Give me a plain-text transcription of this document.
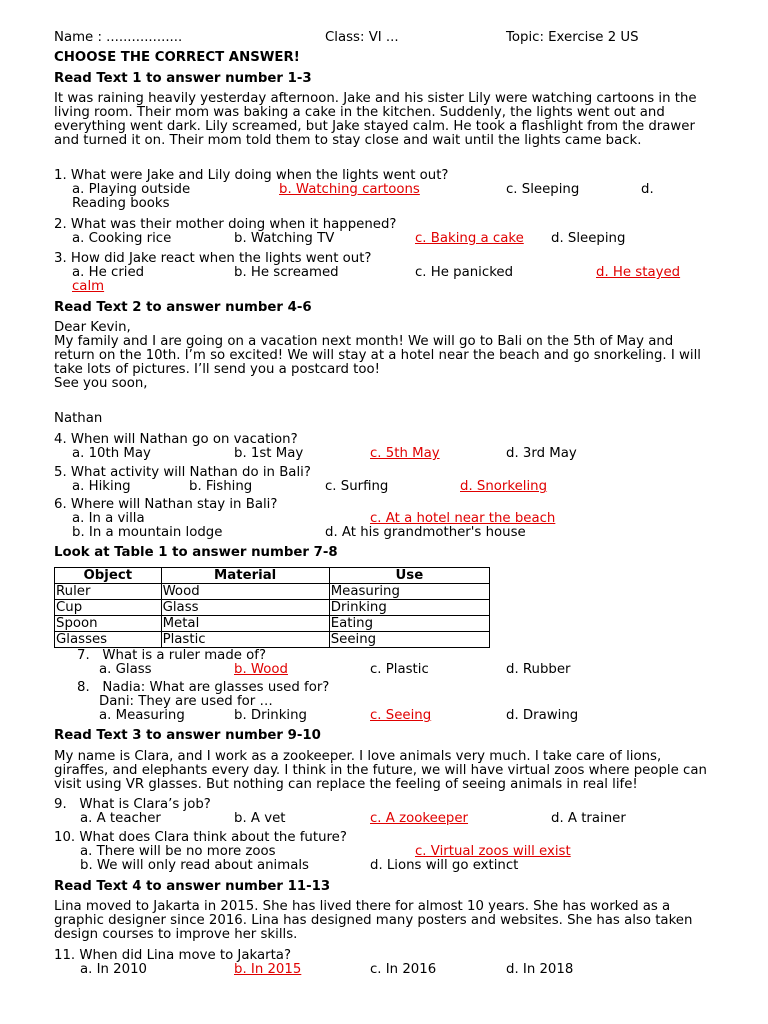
Name : ..................	Class: VI ...	Topic: Exercise 2 US
CHOOSE THE CORRECT ANSWER!
Read Text 1 to answer number 1-3
It was raining heavily yesterday afternoon. Jake and his sister Lily were watching cartoons in the living room. Their mom was baking a cake in the kitchen. Suddenly, the lights went out and everything went dark. Lily screamed, but Jake stayed calm. He took a flashlight from the drawer and turned it on. Their mom told them to stay close and wait until the lights came back.
1. What were Jake and Lily doing when the lights went out?
a. Playing outside	b. Watching cartoons	c. Sleeping	d.
Reading books
2. What was their mother doing when it happened?
a. Cooking rice	b. Watching TV	c. Baking a cake d. Sleeping
3. How did Jake react when the lights went out?
a. He cried	b. He screamed	c. He panicked	d. He stayed
calm
Read Text 2 to answer number 4-6
Dear Kevin,
My family and I are going on a vacation next month! We will go to Bali on the 5th of May and return on the 10th. I’m so excited! We will stay at a hotel near the beach and go snorkeling. I will take lots of pictures. I’ll send you a postcard too!
See you soon,
Nathan
4. When will Nathan go on vacation?
a. 10th May	b. 1st May	c. 5th May	d. 3rd May
5. What activity will Nathan do in Bali?
a. Hiking	b. Fishing	c. Surfing	d. Snorkeling
6. Where will Nathan stay in Bali?
a. In a villa	c. At a hotel near the beach
b. In a mountain lodge	d. At his grandmother's house
Look at Table 1 to answer number 7-8
Object	Material	Use
Ruler	Wood	Measuring
Cup	Glass	Drinking
Spoon	Metal	Eating
Glasses	Plastic	Seeing
7.   What is a ruler made of?
a. Glass	b. Wood	c. Plastic	d. Rubber
8.   Nadia: What are glasses used for?
Dani: They are used for …
a. Measuring	b. Drinking	c. Seeing	d. Drawing
Read Text 3 to answer number 9-10
My name is Clara, and I work as a zookeeper. I love animals very much. I take care of lions, giraffes, and elephants every day. I think in the future, we will have virtual zoos where people can visit using VR glasses. But nothing can replace the feeling of seeing animals in real life!
9.   What is Clara’s job?
a. A teacher	b. A vet	c. A zookeeper	d. A trainer
10. What does Clara think about the future?
a. There will be no more zoos	c. Virtual zoos will exist
b. We will only read about animals	d. Lions will go extinct
Read Text 4 to answer number 11-13
Lina moved to Jakarta in 2015. She has lived there for almost 10 years. She has worked as a graphic designer since 2016. Lina has designed many posters and websites. She has also taken design courses to improve her skills.
11. When did Lina move to Jakarta?
a. In 2010	b. In 2015	c. In 2016	d. In 2018
